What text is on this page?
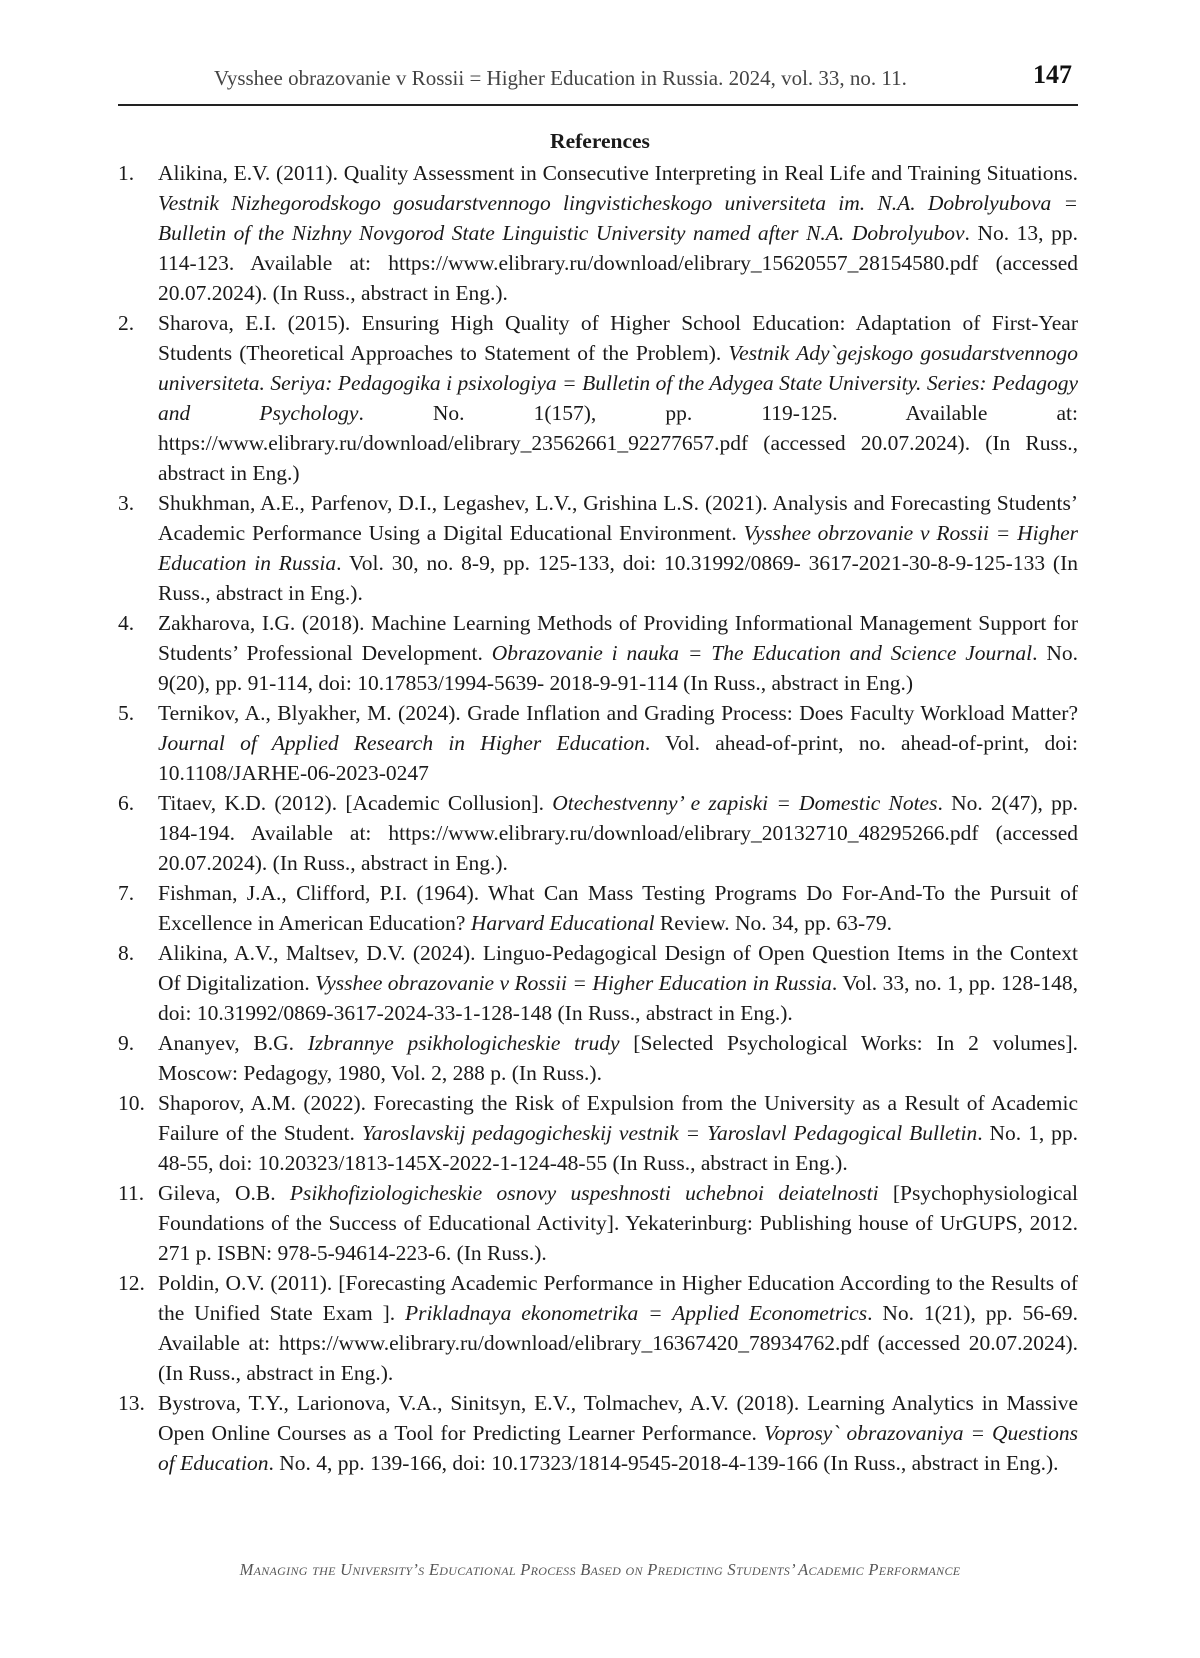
Vysshee obrazovanie v Rossii = Higher Education in Russia. 2024, vol. 33, no. 11.	147
References
1. Alikina, E.V. (2011). Quality Assessment in Consecutive Interpreting in Real Life and Training Situations. Vestnik Nizhegorodskogo gosudarstvennogo lingvisticheskogo universiteta im. N.A. Dobrolyubova = Bulletin of the Nizhny Novgorod State Linguistic University named after N.A. Dobrolyubov. No. 13, pp. 114-123. Available at: https://www.elibrary.ru/download/elibrary_15620557_28154580.pdf (accessed 20.07.2024). (In Russ., abstract in Eng.).
2. Sharova, E.I. (2015). Ensuring High Quality of Higher School Education: Adaptation of First-Year Students (Theoretical Approaches to Statement of the Problem). Vestnik Ady`gejskogo gosudarstvennogo universiteta. Seriya: Pedagogika i psixologiya = Bulletin of the Adygea State University. Series: Pedagogy and Psychology. No. 1(157), pp. 119-125. Available at: https://www.elibrary.ru/download/elibrary_23562661_92277657.pdf (accessed 20.07.2024). (In Russ., abstract in Eng.)
3. Shukhman, A.E., Parfenov, D.I., Legashev, L.V., Grishina L.S. (2021). Analysis and Forecasting Students’ Academic Performance Using a Digital Educational Environment. Vysshee obrzovanie v Rossii = Higher Education in Russia. Vol. 30, no. 8-9, pp. 125-133, doi: 10.31992/0869- 3617-2021-30-8-9-125-133 (In Russ., abstract in Eng.).
4. Zakharova, I.G. (2018). Machine Learning Methods of Providing Informational Management Support for Students’ Professional Development. Obrazovanie i nauka = The Education and Science Journal. No. 9(20), pp. 91-114, doi: 10.17853/1994-5639- 2018-9-91-114 (In Russ., abstract in Eng.)
5. Ternikov, A., Blyakher, M. (2024). Grade Inflation and Grading Process: Does Faculty Workload Matter? Journal of Applied Research in Higher Education. Vol. ahead-of-print, no. ahead-of-print, doi: 10.1108/JARHE-06-2023-0247
6. Titaev, K.D. (2012). [Academic Collusion]. Otechestvenny’ e zapiski = Domestic Notes. No. 2(47), pp. 184-194. Available at: https://www.elibrary.ru/download/elibrary_20132710_48295266.pdf (accessed 20.07.2024). (In Russ., abstract in Eng.).
7. Fishman, J.A., Clifford, P.I. (1964). What Can Mass Testing Programs Do For-And-To the Pursuit of Excellence in American Education? Harvard Educational Review. No. 34, pp. 63-79.
8. Alikina, A.V., Maltsev, D.V. (2024). Linguo-Pedagogical Design of Open Question Items in the Context Of Digitalization. Vysshee obrazovanie v Rossii = Higher Education in Russia. Vol. 33, no. 1, pp. 128-148, doi: 10.31992/0869-3617-2024-33-1-128-148 (In Russ., abstract in Eng.).
9. Ananyev, B.G. Izbrannye psikhologicheskie trudy [Selected Psychological Works: In 2 volumes]. Moscow: Pedagogy, 1980, Vol. 2, 288 p. (In Russ.).
10. Shaporov, A.M. (2022). Forecasting the Risk of Expulsion from the University as a Result of Academic Failure of the Student. Yaroslavskij pedagogicheskij vestnik = Yaroslavl Pedagogical Bulletin. No. 1, pp. 48-55, doi: 10.20323/1813-145X-2022-1-124-48-55 (In Russ., abstract in Eng.).
11. Gileva, O.B. Psikhofiziologicheskie osnovy uspeshnosti uchebnoi deiatelnosti [Psychophysiological Foundations of the Success of Educational Activity]. Yekaterinburg: Publishing house of UrGUPS, 2012. 271 p. ISBN: 978-5-94614-223-6. (In Russ.).
12. Poldin, O.V. (2011). [Forecasting Academic Performance in Higher Education According to the Results of the Unified State Exam ]. Prikladnaya ekonometrika = Applied Econometrics. No. 1(21), pp. 56-69. Available at: https://www.elibrary.ru/download/elibrary_16367420_78934762.pdf (accessed 20.07.2024). (In Russ., abstract in Eng.).
13. Bystrova, T.Y., Larionova, V.A., Sinitsyn, E.V., Tolmachev, A.V. (2018). Learning Analytics in Massive Open Online Courses as a Tool for Predicting Learner Performance. Voprosy` obrazovaniya = Questions of Education. No. 4, pp. 139-166, doi: 10.17323/1814-9545-2018-4-139-166 (In Russ., abstract in Eng.).
Managing the University’s Educational Process Based on Predicting Students’ Academic Performance
